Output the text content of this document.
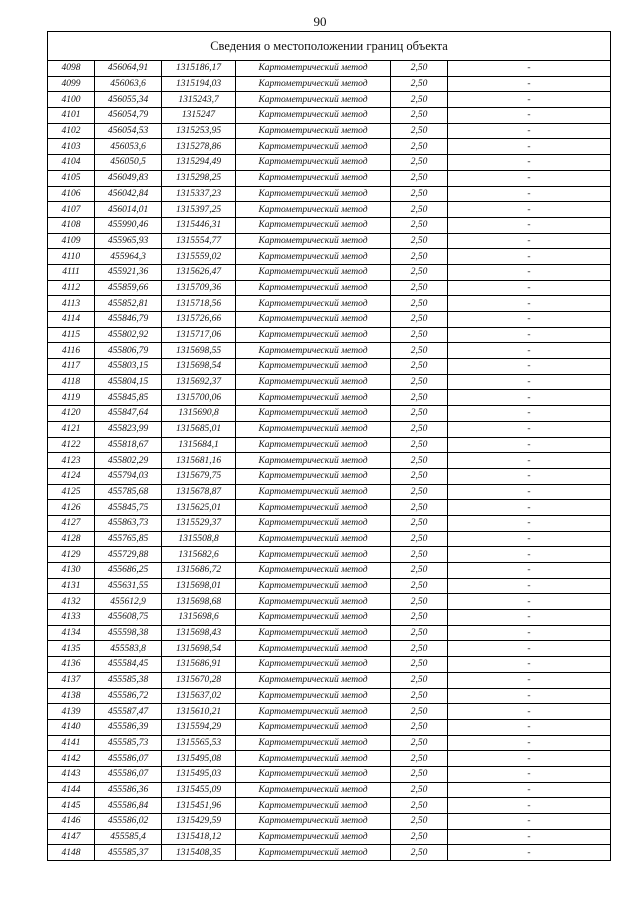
90
Сведения о местоположении границ объекта					
4098	456064,91	1315186,17	Картометрический метод	2,50	-
4099	456063,6	1315194,03	Картометрический метод	2,50	-
4100	456055,34	1315243,7	Картометрический метод	2,50	-
4101	456054,79	1315247	Картометрический метод	2,50	-
4102	456054,53	1315253,95	Картометрический метод	2,50	-
4103	456053,6	1315278,86	Картометрический метод	2,50	-
4104	456050,5	1315294,49	Картометрический метод	2,50	-
4105	456049,83	1315298,25	Картометрический метод	2,50	-
4106	456042,84	1315337,23	Картометрический метод	2,50	-
4107	456014,01	1315397,25	Картометрический метод	2,50	-
4108	455990,46	1315446,31	Картометрический метод	2,50	-
4109	455965,93	1315554,77	Картометрический метод	2,50	-
4110	455964,3	1315559,02	Картометрический метод	2,50	-
4111	455921,36	1315626,47	Картометрический метод	2,50	-
4112	455859,66	1315709,36	Картометрический метод	2,50	-
4113	455852,81	1315718,56	Картометрический метод	2,50	-
4114	455846,79	1315726,66	Картометрический метод	2,50	-
4115	455802,92	1315717,06	Картометрический метод	2,50	-
4116	455806,79	1315698,55	Картометрический метод	2,50	-
4117	455803,15	1315698,54	Картометрический метод	2,50	-
4118	455804,15	1315692,37	Картометрический метод	2,50	-
4119	455845,85	1315700,06	Картометрический метод	2,50	-
4120	455847,64	1315690,8	Картометрический метод	2,50	-
4121	455823,99	1315685,01	Картометрический метод	2,50	-
4122	455818,67	1315684,1	Картометрический метод	2,50	-
4123	455802,29	1315681,16	Картометрический метод	2,50	-
4124	455794,03	1315679,75	Картометрический метод	2,50	-
4125	455785,68	1315678,87	Картометрический метод	2,50	-
4126	455845,75	1315625,01	Картометрический метод	2,50	-
4127	455863,73	1315529,37	Картометрический метод	2,50	-
4128	455765,85	1315508,8	Картометрический метод	2,50	-
4129	455729,88	1315682,6	Картометрический метод	2,50	-
4130	455686,25	1315686,72	Картометрический метод	2,50	-
4131	455631,55	1315698,01	Картометрический метод	2,50	-
4132	455612,9	1315698,68	Картометрический метод	2,50	-
4133	455608,75	1315698,6	Картометрический метод	2,50	-
4134	455598,38	1315698,43	Картометрический метод	2,50	-
4135	455583,8	1315698,54	Картометрический метод	2,50	-
4136	455584,45	1315686,91	Картометрический метод	2,50	-
4137	455585,38	1315670,28	Картометрический метод	2,50	-
4138	455586,72	1315637,02	Картометрический метод	2,50	-
4139	455587,47	1315610,21	Картометрический метод	2,50	-
4140	455586,39	1315594,29	Картометрический метод	2,50	-
4141	455585,73	1315565,53	Картометрический метод	2,50	-
4142	455586,07	1315495,08	Картометрический метод	2,50	-
4143	455586,07	1315495,03	Картометрический метод	2,50	-
4144	455586,36	1315455,09	Картометрический метод	2,50	-
4145	455586,84	1315451,96	Картометрический метод	2,50	-
4146	455586,02	1315429,59	Картометрический метод	2,50	-
4147	455585,4	1315418,12	Картометрический метод	2,50	-
4148	455585,37	1315408,35	Картометрический метод	2,50	-
